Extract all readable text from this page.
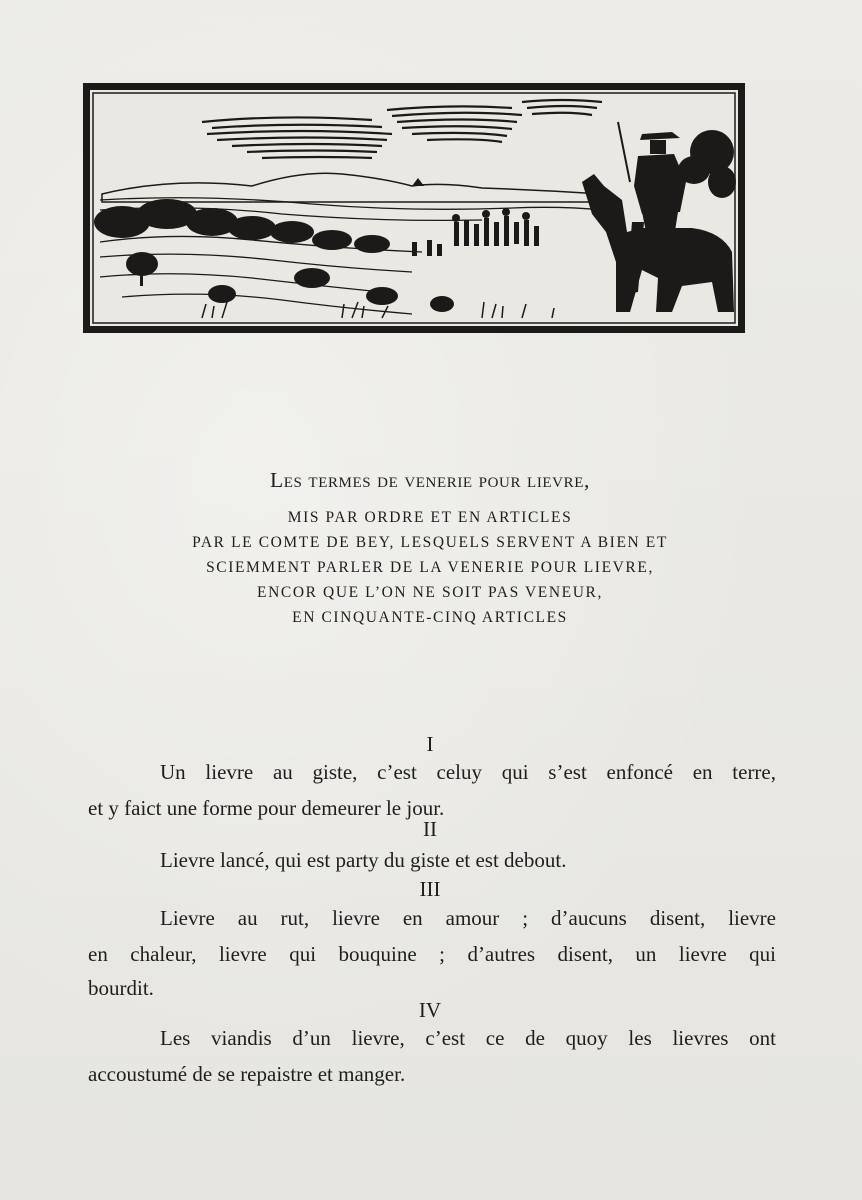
Les termes de venerie pour lievre,
MIS PAR ORDRE ET EN ARTICLES
PAR LE COMTE DE BEY, LESQUELS SERVENT A BIEN ET
SCIEMMENT PARLER DE LA VENERIE POUR LIEVRE,
ENCOR QUE L’ON NE SOIT PAS VENEUR,
EN CINQUANTE-CINQ ARTICLES
I
Un lievre au giste, c’est celuy qui s’est enfoncé en terre,
et y faict une forme pour demeurer le jour.
II
Lievre lancé, qui est party du giste et est debout.
III
Lievre au rut, lievre en amour ; d’aucuns disent, lievre
en chaleur, lievre qui bouquine ; d’autres disent, un lievre qui
bourdit.
IV
Les viandis d’un lievre, c’est ce de quoy les lievres ont
accoustumé de se repaistre et manger.
